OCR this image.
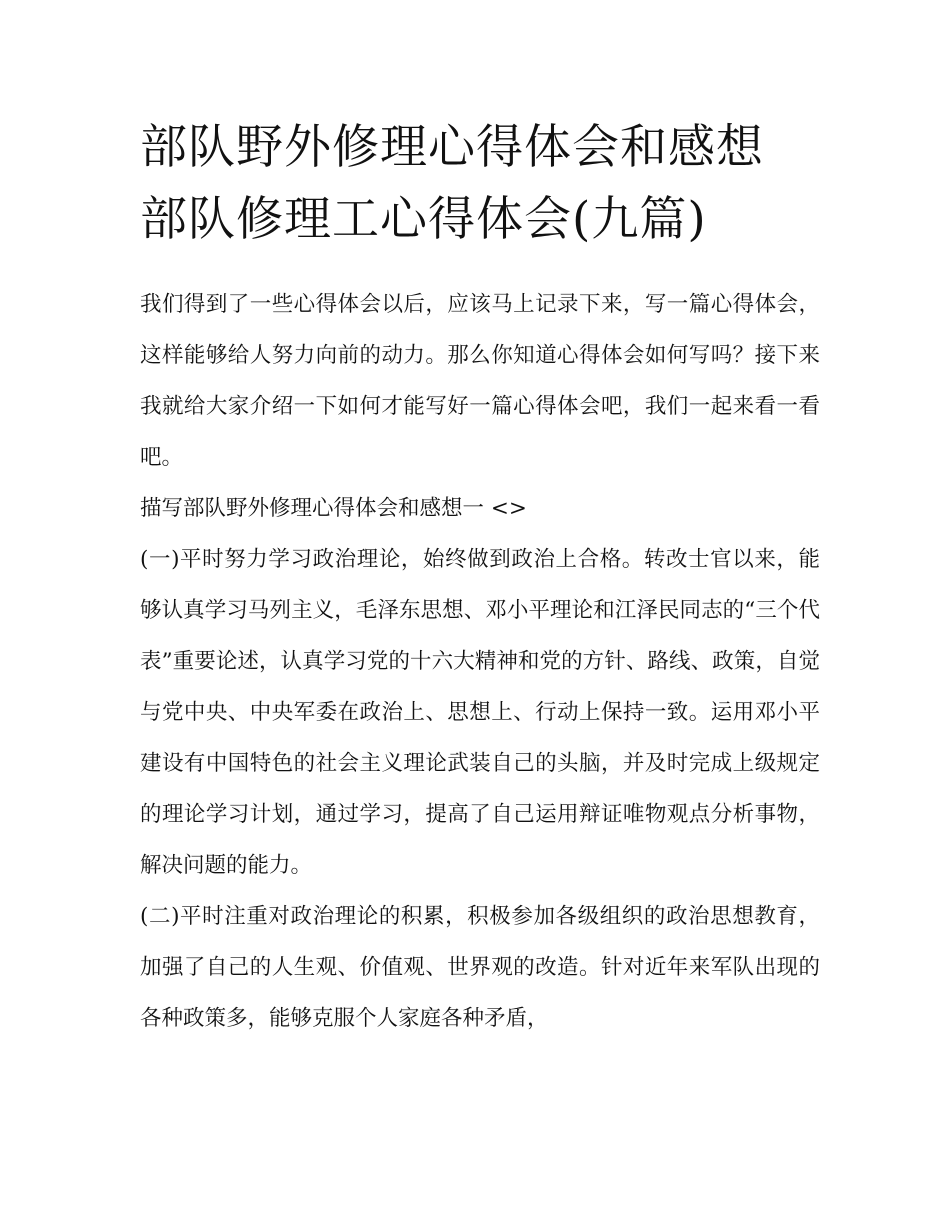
部队野外修理心得体会和感想
部队修理工心得体会(九篇)

我们得到了一些心得体会以后，应该马上记录下来，写一篇心得体会，这样能够给人努力向前的动力。那么你知道心得体会如何写吗？接下来我就给大家介绍一下如何才能写好一篇心得体会吧，我们一起来看一看吧。

描写部队野外修理心得体会和感想一 <>

(一)平时努力学习政治理论，始终做到政治上合格。转改士官以来，能够认真学习马列主义，毛泽东思想、邓小平理论和江泽民同志的“三个代表”重要论述，认真学习党的十六大精神和党的方针、路线、政策，自觉与党中央、中央军委在政治上、思想上、行动上保持一致。运用邓小平建设有中国特色的社会主义理论武装自己的头脑，并及时完成上级规定的理论学习计划，通过学习，提高了自己运用辩证唯物观点分析事物，解决问题的能力。

(二)平时注重对政治理论的积累，积极参加各级组织的政治思想教育，加强了自己的人生观、价值观、世界观的改造。针对近年来军队出现的各种政策多，能够克服个人家庭各种矛盾，
